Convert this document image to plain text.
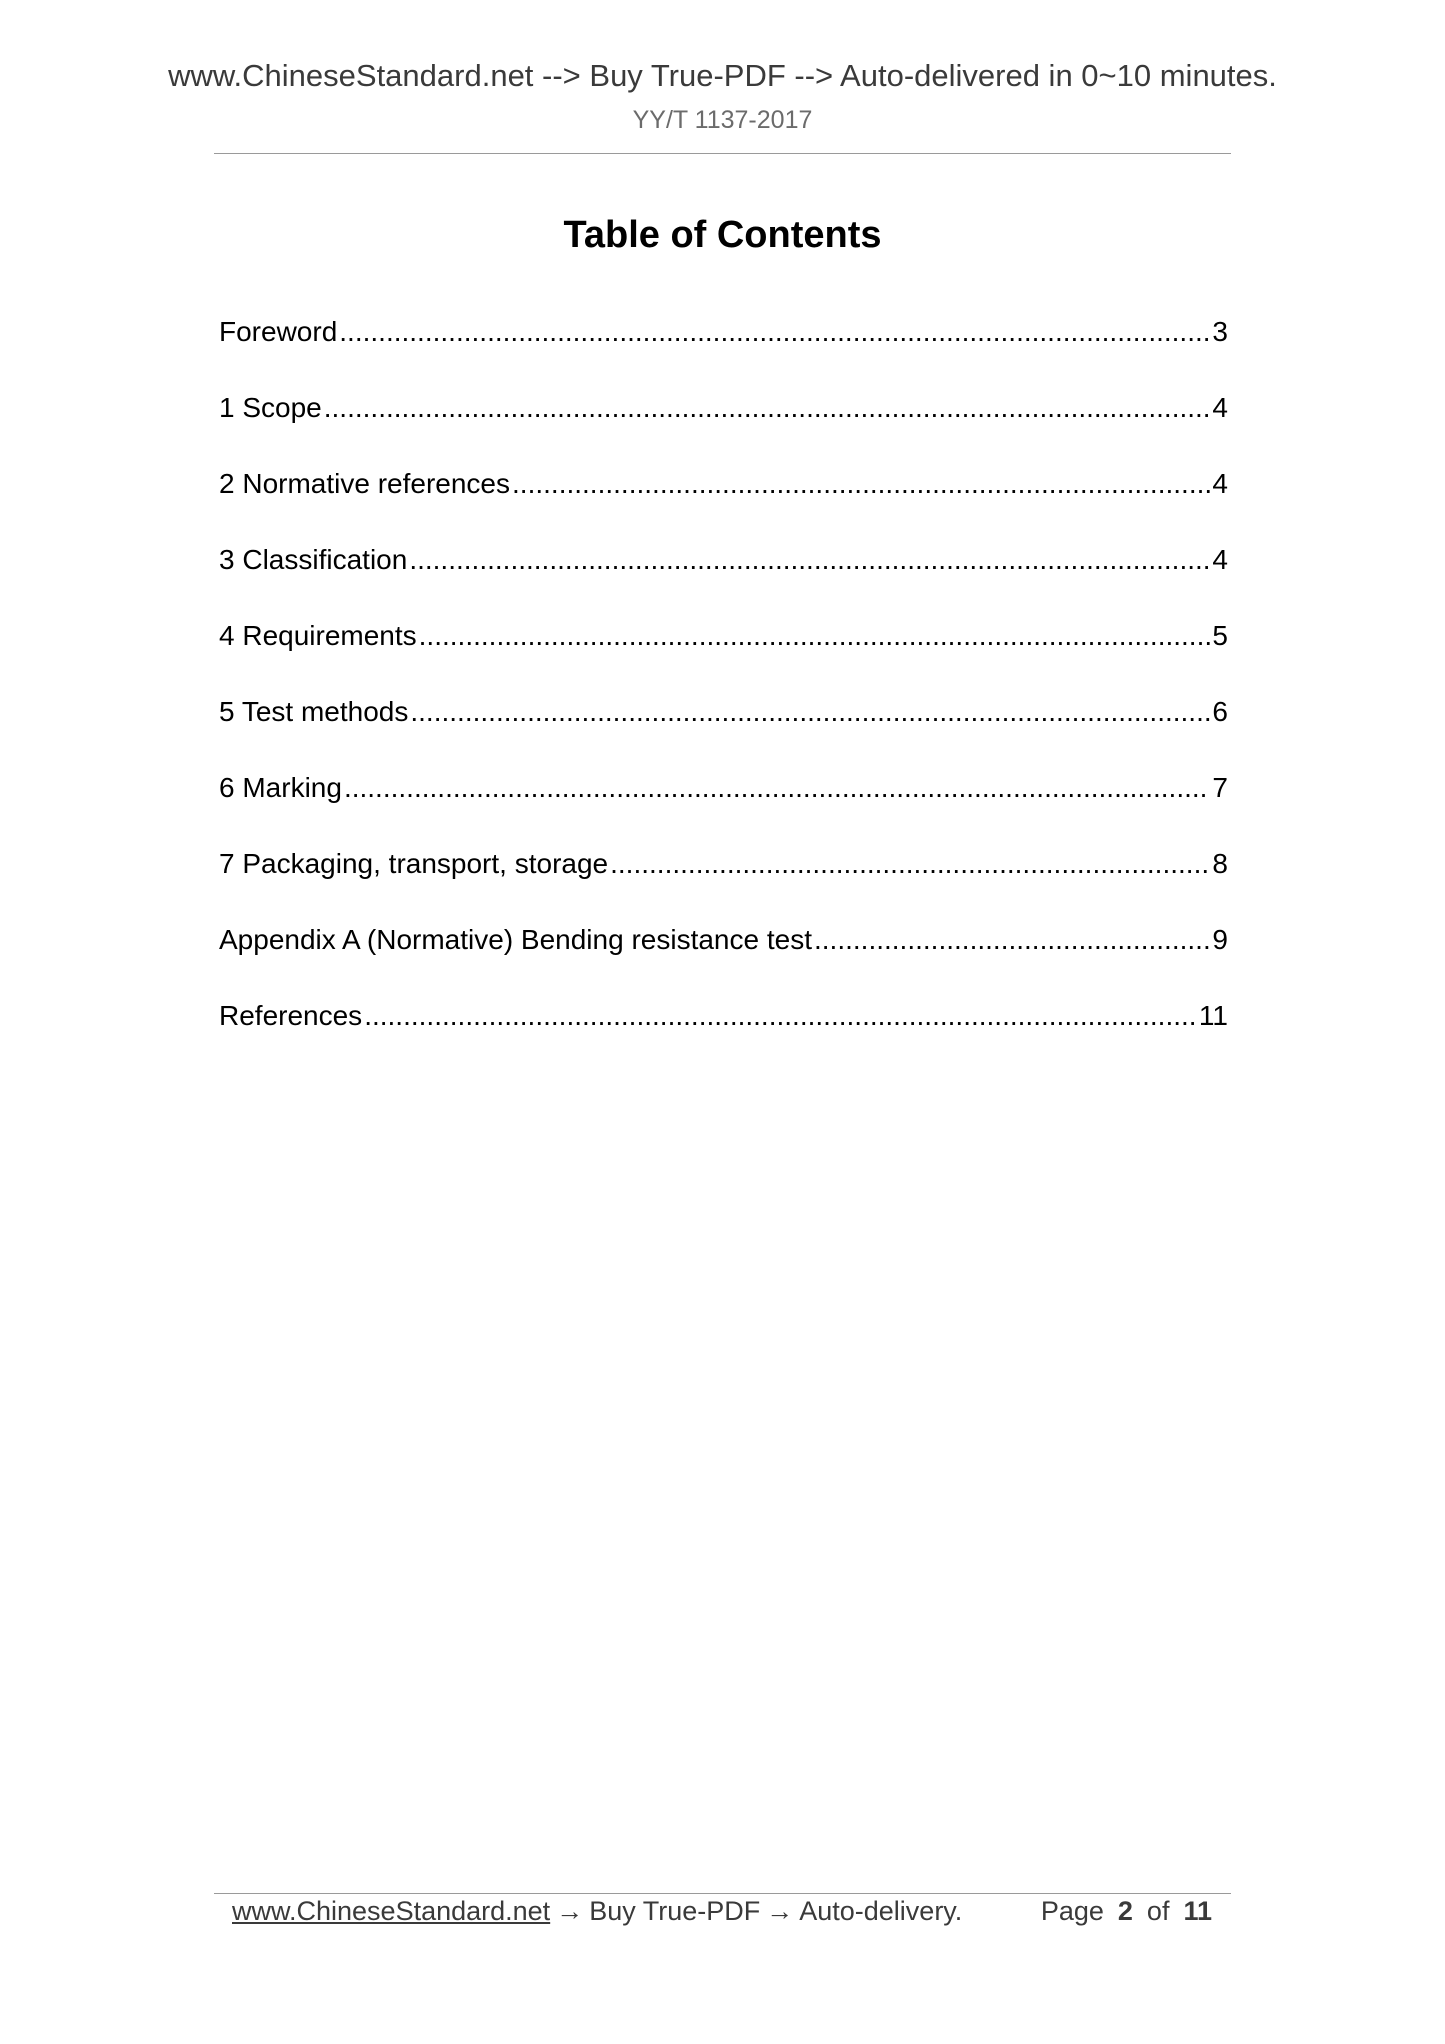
www.ChineseStandard.net --> Buy True-PDF --> Auto-delivered in 0~10 minutes.
YY/T 1137-2017
Table of Contents
Foreword .....	3
1 Scope .....	4
2 Normative references .....	4
3 Classification .....	4
4 Requirements .....	5
5 Test methods .....	6
6 Marking .....	7
7 Packaging, transport, storage .....	8
Appendix A (Normative) Bending resistance test .....	9
References .....	11
www.ChineseStandard.net → Buy True-PDF → Auto-delivery.	Page 2 of 11
